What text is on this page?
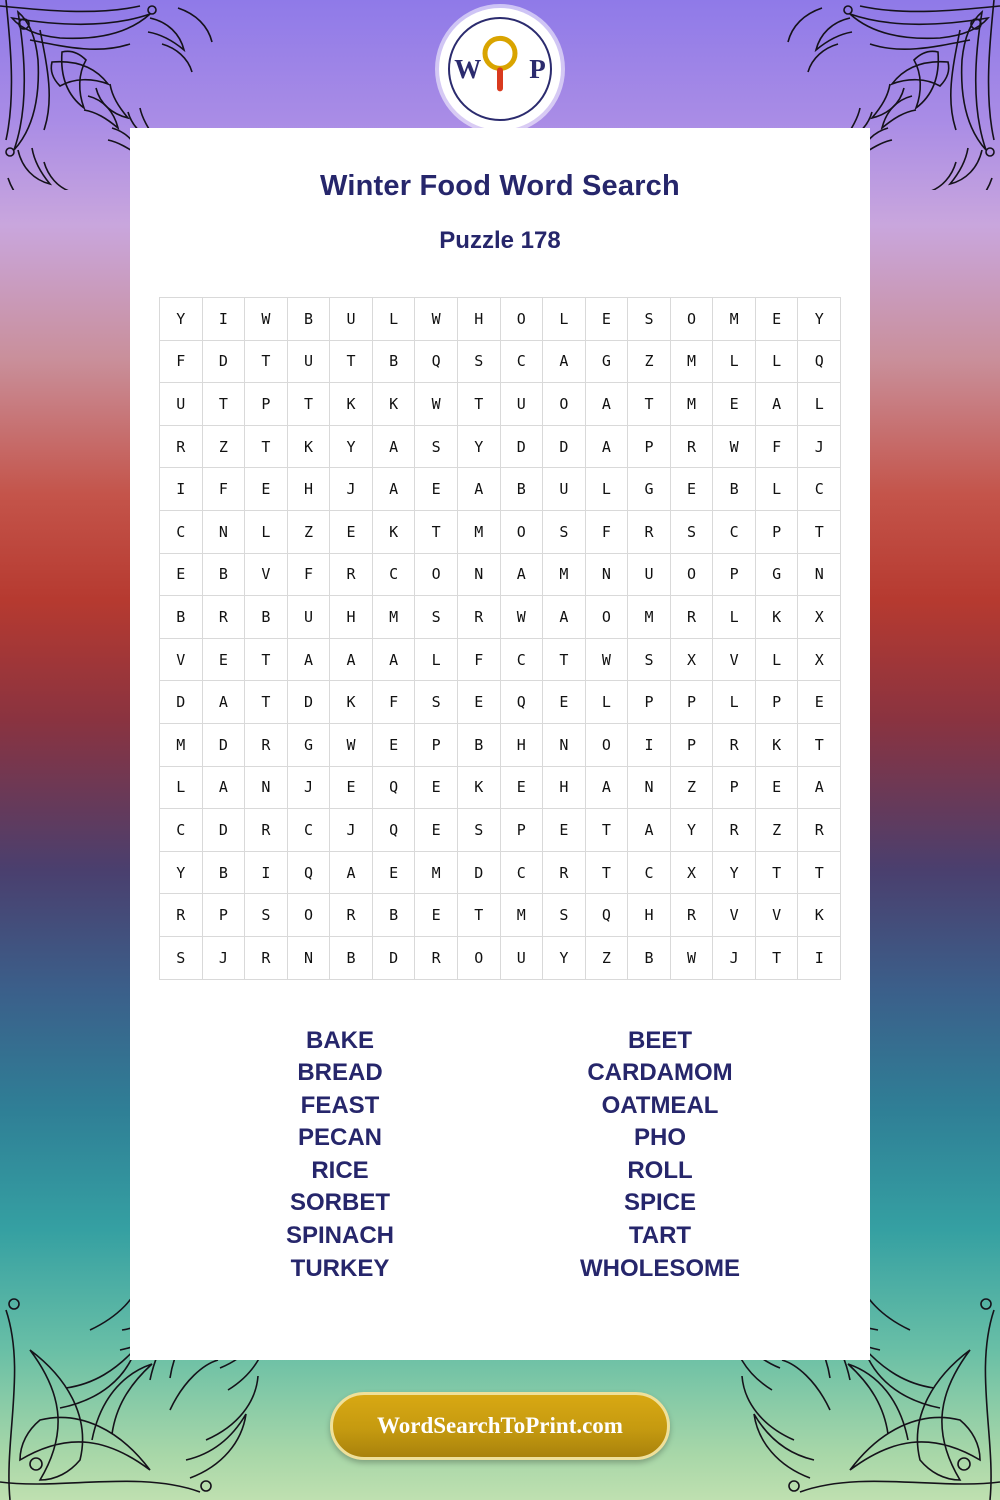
W P
Winter Food Word Search
Puzzle 178
Y	I	W	B	U	L	W	H	O	L	E	S	O	M	E	Y
F	D	T	U	T	B	Q	S	C	A	G	Z	M	L	L	Q
U	T	P	T	K	K	W	T	U	O	A	T	M	E	A	L
R	Z	T	K	Y	A	S	Y	D	D	A	P	R	W	F	J
I	F	E	H	J	A	E	A	B	U	L	G	E	B	L	C
C	N	L	Z	E	K	T	M	O	S	F	R	S	C	P	T
E	B	V	F	R	C	O	N	A	M	N	U	O	P	G	N
B	R	B	U	H	M	S	R	W	A	O	M	R	L	K	X
V	E	T	A	A	A	L	F	C	T	W	S	X	V	L	X
D	A	T	D	K	F	S	E	Q	E	L	P	P	L	P	E
M	D	R	G	W	E	P	B	H	N	O	I	P	R	K	T
L	A	N	J	E	Q	E	K	E	H	A	N	Z	P	E	A
C	D	R	C	J	Q	E	S	P	E	T	A	Y	R	Z	R
Y	B	I	Q	A	E	M	D	C	R	T	C	X	Y	T	T
R	P	S	O	R	B	E	T	M	S	Q	H	R	V	V	K
S	J	R	N	B	D	R	O	U	Y	Z	B	W	J	T	I
BAKE
BREAD
FEAST
PECAN
RICE
SORBET
SPINACH
TURKEY
BEET
CARDAMOM
OATMEAL
PHO
ROLL
SPICE
TART
WHOLESOME
WordSearchToPrint.com
